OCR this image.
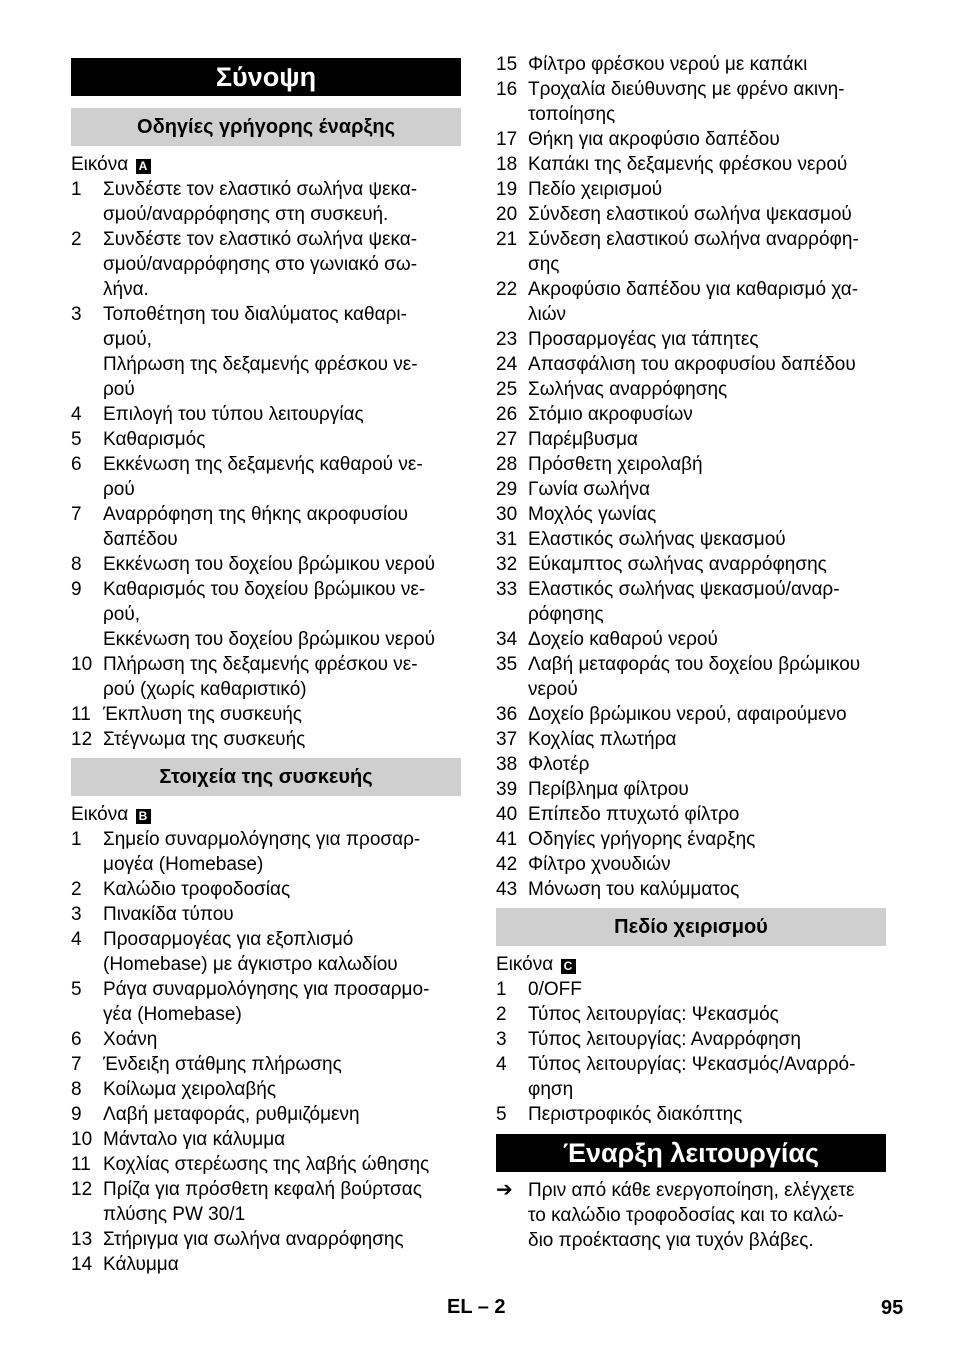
Σύνοψη
Οδηγίες γρήγορης έναρξης
Εικόνα A
1	Συνδέστε τον ελαστικό σωλήνα ψεκα-
σμού/αναρρόφησης στη συσκευή.
2	Συνδέστε τον ελαστικό σωλήνα ψεκα-
σμού/αναρρόφησης στο γωνιακό σω-
λήνα.
3	Τοποθέτηση του διαλύματος καθαρι-
σμού,
Πλήρωση της δεξαμενής φρέσκου νε-
ρού
4	Επιλογή του τύπου λειτουργίας
5	Καθαρισμός
6	Εκκένωση της δεξαμενής καθαρού νε-
ρού
7	Αναρρόφηση της θήκης ακροφυσίου
δαπέδου
8	Εκκένωση του δοχείου βρώμικου νερού
9	Καθαρισμός του δοχείου βρώμικου νε-
ρού,
Εκκένωση του δοχείου βρώμικου νερού
10 Πλήρωση της δεξαμενής φρέσκου νε-
ρού (χωρίς καθαριστικό)
11 Έκπλυση της συσκευής
12 Στέγνωμα της συσκευής
Στοιχεία της συσκευής
Εικόνα B
1	Σημείο συναρμολόγησης για προσαρ-
μογέα (Homebase)
2	Καλώδιο τροφοδοσίας
3	Πινακίδα τύπου
4	Προσαρμογέας για εξοπλισμό
(Homebase) με άγκιστρο καλωδίου
5	Ράγα συναρμολόγησης για προσαρμο-
γέα (Homebase)
6	Χοάνη
7	Ένδειξη στάθμης πλήρωσης
8	Κοίλωμα χειρολαβής
9	Λαβή μεταφοράς, ρυθμιζόμενη
10 Μάνταλο για κάλυμμα
11 Κοχλίας στερέωσης της λαβής ώθησης
12 Πρίζα για πρόσθετη κεφαλή βούρτσας
πλύσης PW 30/1
13 Στήριγμα για σωλήνα αναρρόφησης
14 Κάλυμμα
15 Φίλτρο φρέσκου νερού με καπάκι
16 Τροχαλία διεύθυνσης με φρένο ακινη-
τοποίησης
17 Θήκη για ακροφύσιο δαπέδου
18 Καπάκι της δεξαμενής φρέσκου νερού
19 Πεδίο χειρισμού
20 Σύνδεση ελαστικού σωλήνα ψεκασμού
21 Σύνδεση ελαστικού σωλήνα αναρρόφη-
σης
22 Ακροφύσιο δαπέδου για καθαρισμό χα-
λιών
23 Προσαρμογέας για τάπητες
24 Απασφάλιση του ακροφυσίου δαπέδου
25 Σωλήνας αναρρόφησης
26 Στόμιο ακροφυσίων
27 Παρέμβυσμα
28 Πρόσθετη χειρολαβή
29 Γωνία σωλήνα
30 Μοχλός γωνίας
31 Ελαστικός σωλήνας ψεκασμού
32 Εύκαμπτος σωλήνας αναρρόφησης
33 Ελαστικός σωλήνας ψεκασμού/αναρ-
ρόφησης
34 Δοχείο καθαρού νερού
35 Λαβή μεταφοράς του δοχείου βρώμικου
νερού
36 Δοχείο βρώμικου νερού, αφαιρούμενο
37 Κοχλίας πλωτήρα
38 Φλοτέρ
39 Περίβλημα φίλτρου
40 Επίπεδο πτυχωτό φίλτρο
41 Οδηγίες γρήγορης έναρξης
42 Φίλτρο χνουδιών
43 Μόνωση του καλύμματος
Πεδίο χειρισμού
Εικόνα C
1	0/OFF
2	Τύπος λειτουργίας: Ψεκασμός
3	Τύπος λειτουργίας: Αναρρόφηση
4	Τύπος λειτουργίας: Ψεκασμός/Αναρρό-
φηση
5	Περιστροφικός διακόπτης
Έναρξη λειτουργίας
➔ Πριν από κάθε ενεργοποίηση, ελέγχετε
το καλώδιο τροφοδοσίας και το καλώ-
διο προέκτασης για τυχόν βλάβες.
EL – 2	95
